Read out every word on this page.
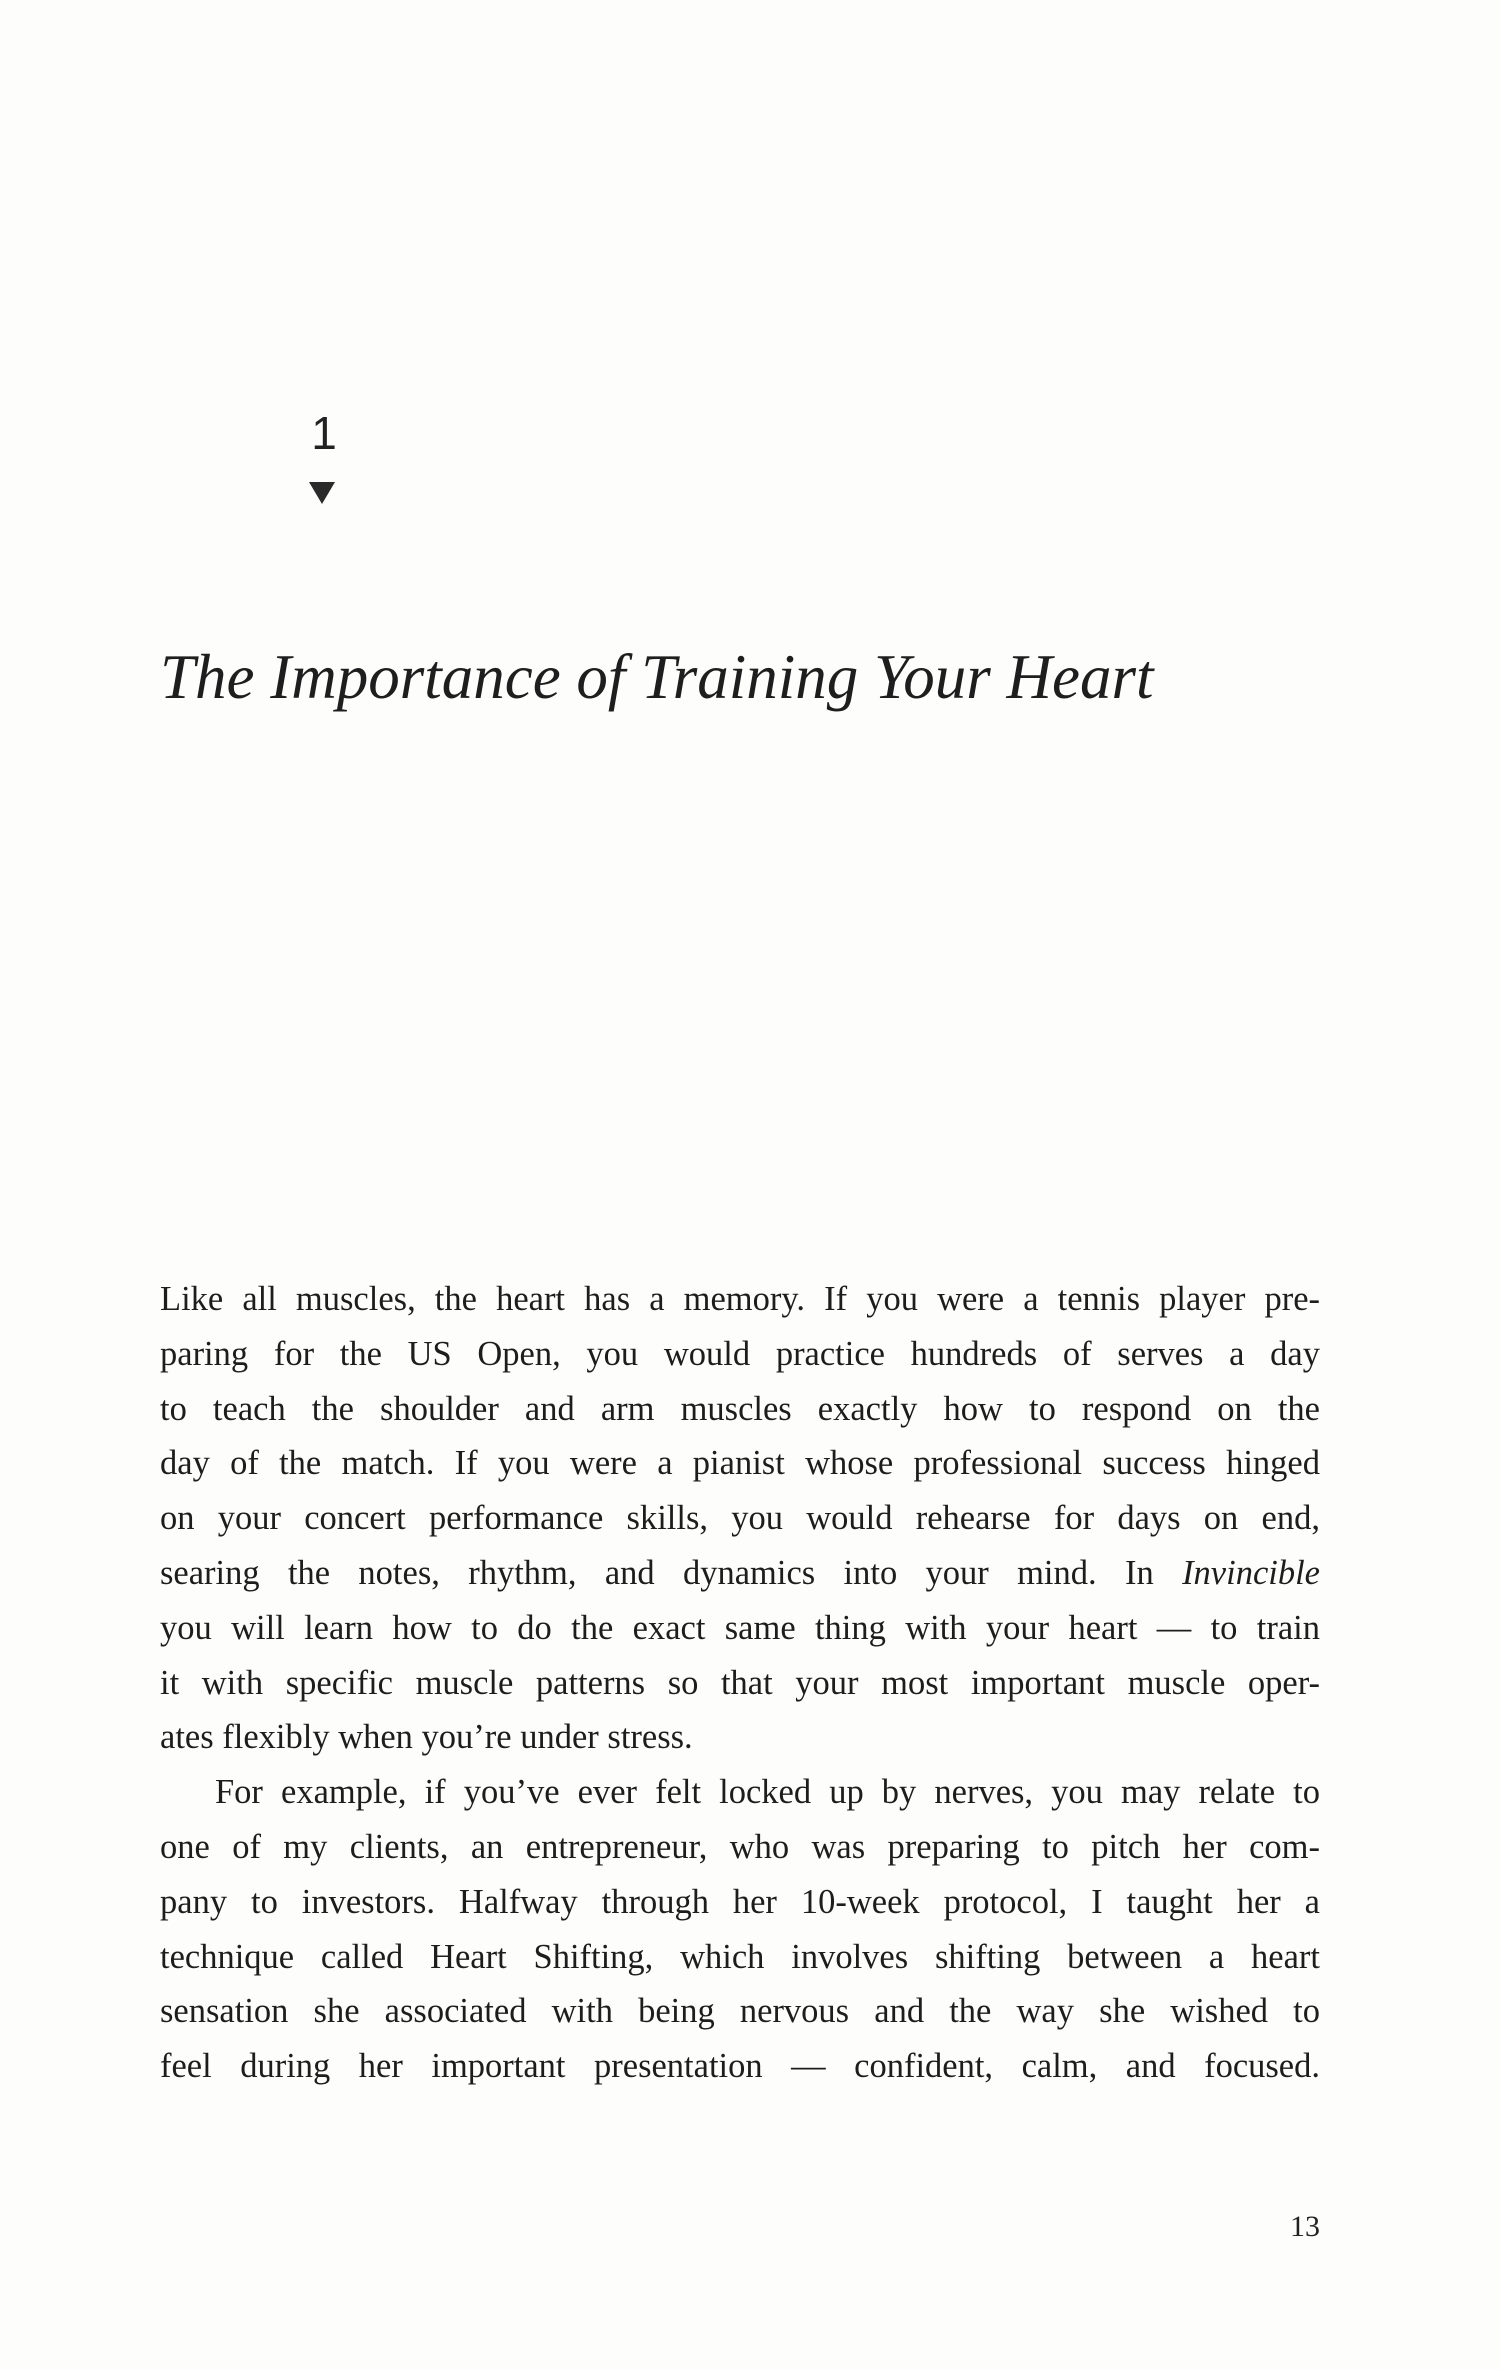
1
The Importance of Training Your Heart
Like all muscles, the heart has a memory. If you were a tennis player pre-
paring for the US Open, you would practice hundreds of serves a day
to teach the shoulder and arm muscles exactly how to respond on the
day of the match. If you were a pianist whose professional success hinged
on your concert performance skills, you would rehearse for days on end,
searing the notes, rhythm, and dynamics into your mind. In Invincible
you will learn how to do the exact same thing with your heart — to train
it with specific muscle patterns so that your most important muscle oper-
ates flexibly when you’re under stress.
For example, if you’ve ever felt locked up by nerves, you may relate to
one of my clients, an entrepreneur, who was preparing to pitch her com-
pany to investors. Halfway through her 10-week protocol, I taught her a
technique called Heart Shifting, which involves shifting between a heart
sensation she associated with being nervous and the way she wished to
feel during her important presentation — confident, calm, and focused.
13
